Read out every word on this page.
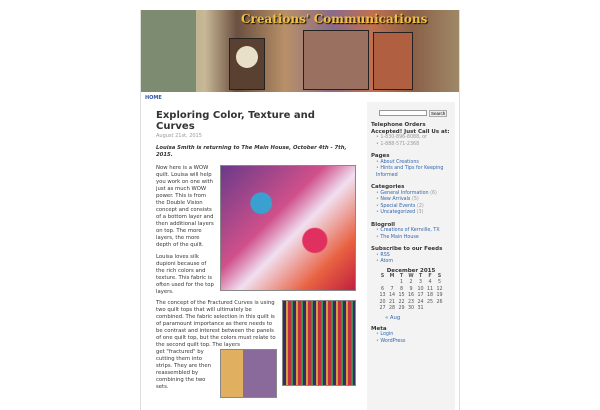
Creations' Communications
HOME
Exploring Color, Texture and Curves
August 21st, 2015

Louisa Smith is returning to The Main House, October 4th - 7th, 2015.

Now here is a WOW quilt. Louisa will help you work on one with just as much WOW power. This is from the Double Vision concept and consists of a bottom layer and then additional layers on top. The more layers, the more depth of the quilt.

Louisa loves silk dupioni because of the rich colors and texture. This fabric is often used for the top layers.

The concept of the Fractured Curves is using two quilt tops that will ultimately be combined. The fabric selection in this quilt is of paramount importance as there needs to be contrast and interest between the panels of one quilt top, but the colors must relate to the second quilt top. The layers

get "fractured" by cutting them into strips. They are then reassembled by combining the two sets.

Search
Telephone Orders Accepted! Just Call Us at:
• 1-830-896-8088, or
• 1-888-571-2368
Pages
• About Creations
• Hints and Tips for Keeping Informed
Categories
• General Information (6)
• New Arrivals (5)
• Special Events (2)
• Uncategorized (3)
Blogroll
• Creations of Kerrville, TX
• The Main House
Subscribe to our Feeds
• RSS
• Atom
December 2015
S	M	T	W	T	F	S
		1	2	3	4	5
6	7	8	9	10	11	12
13	14	15	16	17	18	19
20	21	22	23	24	25	26
27	28	29	30	31		
« Aug
Meta
• Login
• WordPress
